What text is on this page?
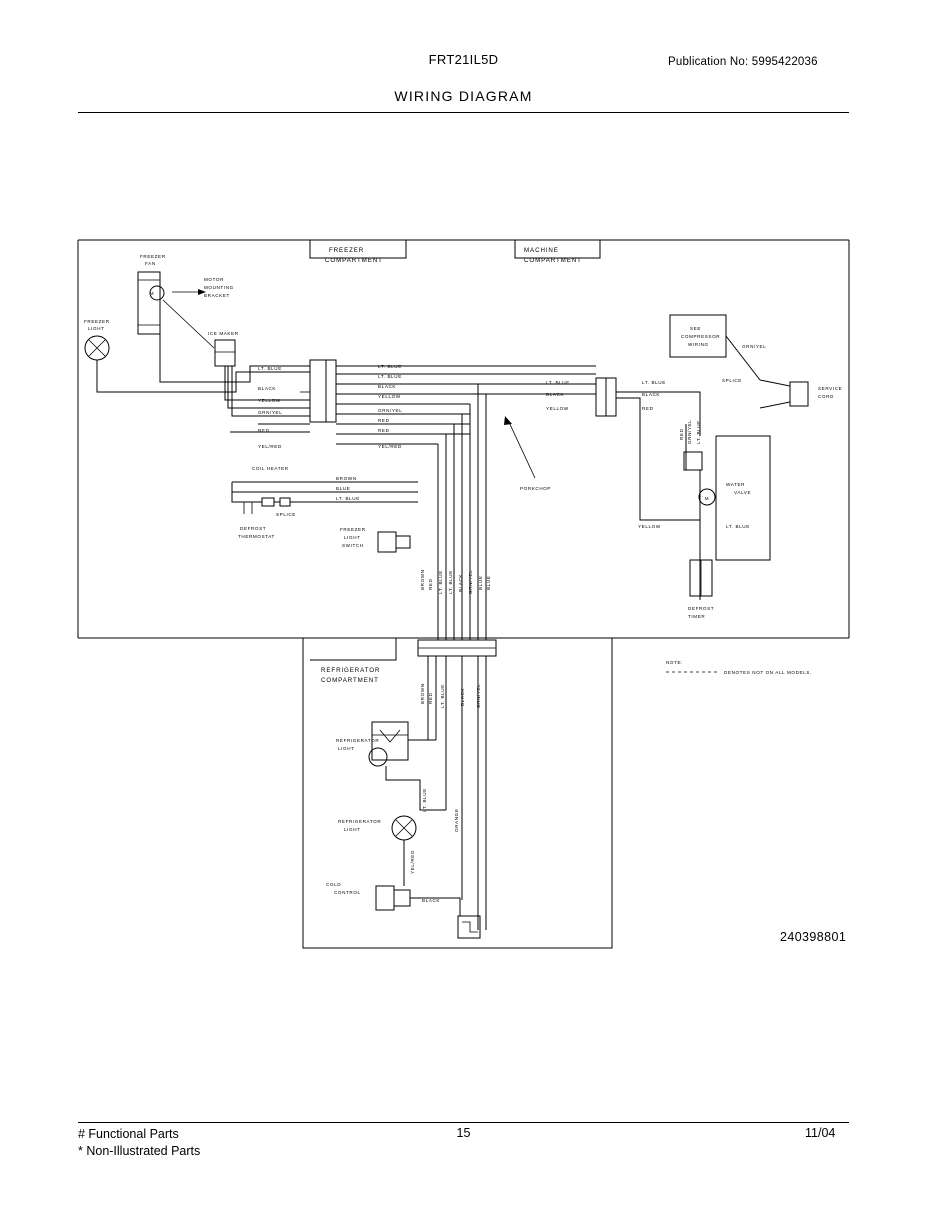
FRT21IL5D	Publication No: 5995422036
WIRING DIAGRAM
FREEZER
COMPARTMENT
MACHINE
COMPARTMENT
REFRIGERATOR
COMPARTMENT
M
FREEZER
FAN
MOTOR
MOUNTING
BRACKET
FREEZER
LIGHT
ICE MAKER
LT. BLUE
BLACK
YELLOW
GRN/YEL
RED
YEL/RED
LT. BLUE
LT. BLUE
BLACK
YELLOW
GRN/YEL
RED
RED
YEL/RED
PORKCHOP
LT. BLUE
BLACK
YELLOW
LT. BLUE
BLACK
RED
SEE
COMPRESSOR
WIRING
SERVICE
CORD
GRN/YEL
SPLICE
RED GRN/YEL LT. BLUE
M
WATER
VALVE
YELLOW	LT. BLUE
DEFROST
TIMER
COIL HEATER
SPLICE
DEFROST
THERMOSTAT
BROWN
BLUE
LT. BLUE
FREEZER
LIGHT
SWITCH
BROWN RED LT. BLUE LT. BLUE BLACK GRN/YEL BLUE BLUE
BROWN RED LT. BLUE	BLACK GRN/YEL
REFRIGERATOR
LIGHT
REFRIGERATOR
LIGHT
LT. BLUE
ORANGE
YEL/RED
BLACK
COLD
CONTROL
NOTE:
DENOTES NOT ON ALL MODELS.
240398801
# Functional Parts
* Non-Illustrated Parts
15	11/04
